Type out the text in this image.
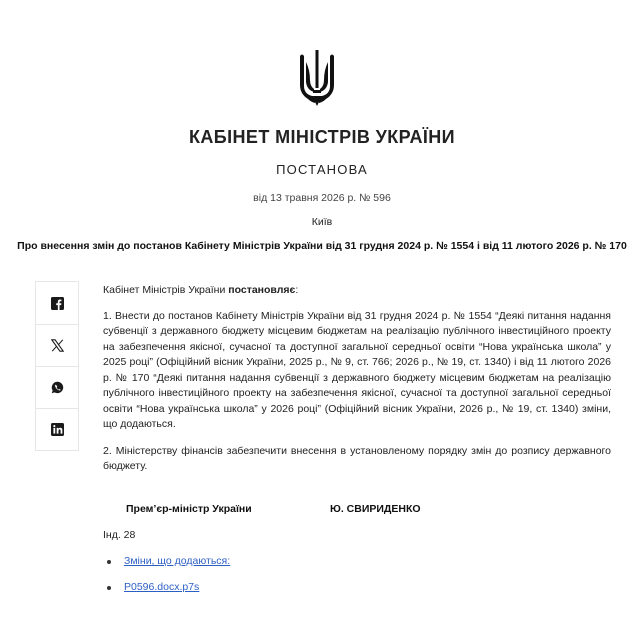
КАБІНЕТ МІНІСТРІВ УКРАЇНИ
ПОСТАНОВА
від 13 травня 2026 р. № 596
Київ
Про внесення змін до постанов Кабінету Міністрів України від 31 грудня 2024 р. № 1554 і від 11 лютого 2026 р. № 170
Кабінет Міністрів України постановляє:

1. Внести до постанов Кабінету Міністрів України від 31 грудня 2024 р. № 1554 “Деякі питання надання субвенції з державного бюджету місцевим бюджетам на реалізацію публічного інвестиційного проекту на забезпечення якісної, сучасної та доступної загальної середньої освіти “Нова українська школа” у 2025 році” (Офіційний вісник України, 2025 р., № 9, ст. 766; 2026 р., № 19, ст. 1340) і від 11 лютого 2026 р. № 170 “Деякі питання надання субвенції з державного бюджету місцевим бюджетам на реалізацію публічного інвестиційного проекту на забезпечення якісної, сучасної та доступної загальної середньої освіти “Нова українська школа” у 2026 році” (Офіційний вісник України, 2026 р., № 19, ст. 1340) зміни, що додаються.

2. Міністерству фінансів забезпечити внесення в установленому порядку змін до розпису державного бюджету.

Прем’єр-міністр України	Ю. СВИРИДЕНКО
Інд. 28
Зміни, що додаються:
P0596.docx.p7s
